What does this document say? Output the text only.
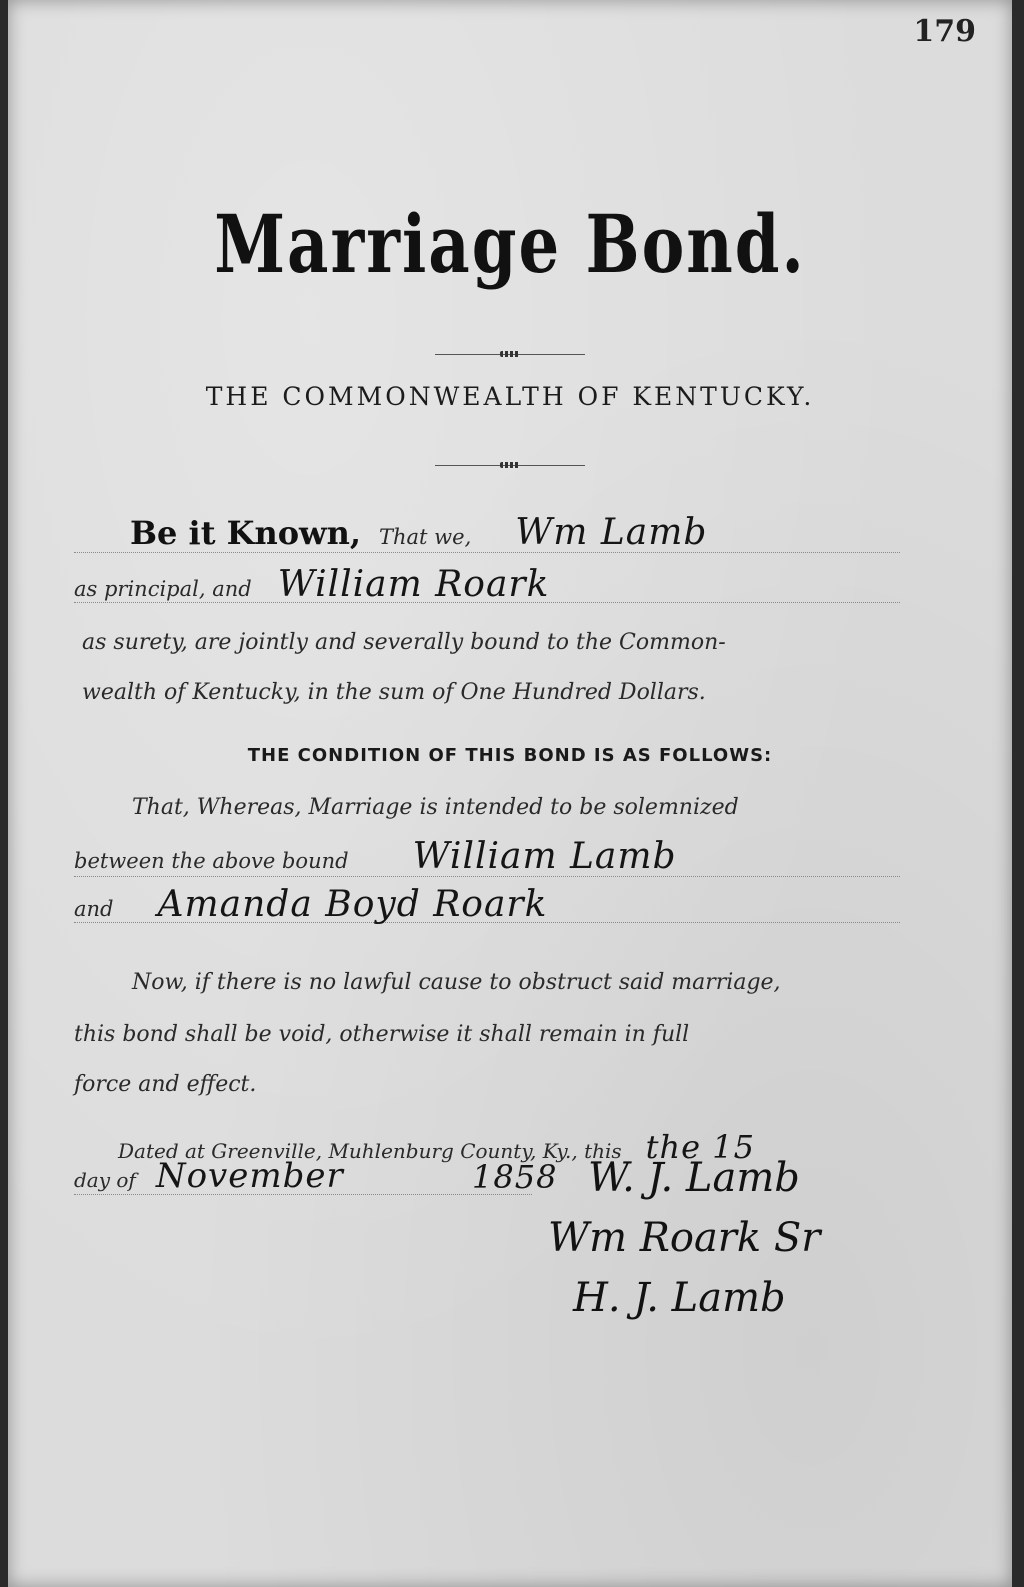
179
Marriage Bond.
THE COMMONWEALTH OF KENTUCKY.
Be it Known, That we, Wm Lamb
as principal, and William Roark
as surety, are jointly and severally bound to the Common-
wealth of Kentucky, in the sum of One Hundred Dollars.
THE CONDITION OF THIS BOND IS AS FOLLOWS:
That, Whereas, Marriage is intended to be solemnized
between the above bound William Lamb
and Amanda Boyd Roark
Now, if there is no lawful cause to obstruct said marriage,
this bond shall be void, otherwise it shall remain in full
force and effect.
Dated at Greenville, Muhlenburg County, Ky., this the 15
day of November	1858 W. J. Lamb
Wm Roark Sr
H. J. Lamb
